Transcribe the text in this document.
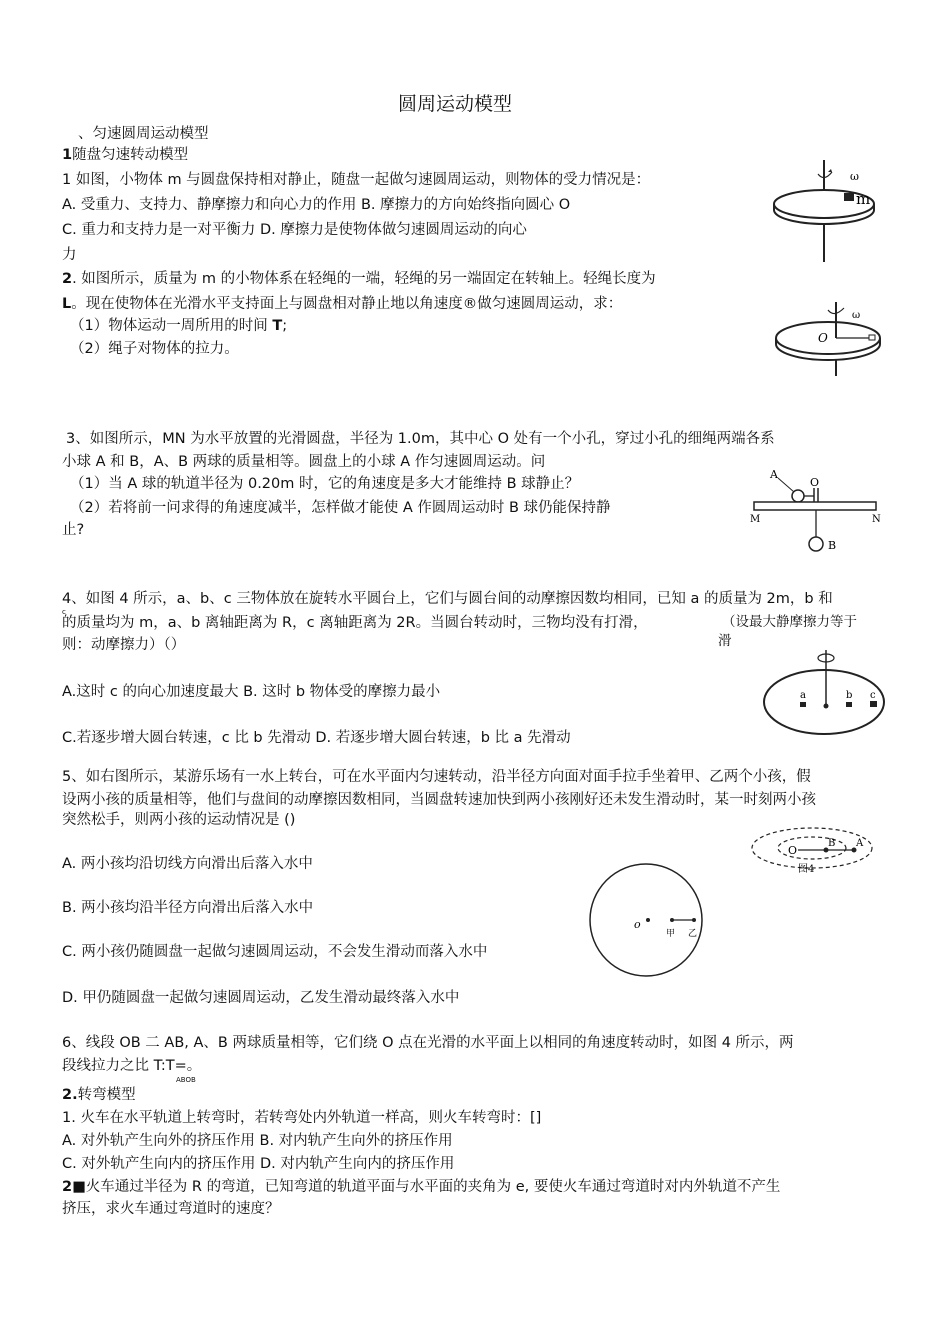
圆周运动模型
、匀速圆周运动模型
1随盘匀速转动模型
1 如图，小物体 m 与圆盘保持相对静止，随盘一起做匀速圆周运动，则物体的受力情况是：
A. 受重力、支持力、静摩擦力和向心力的作用 B. 摩擦力的方向始终指向圆心 O
C. 重力和支持力是一对平衡力 D. 摩擦力是使物体做匀速圆周运动的向心
力
ω
m
2. 如图所示，质量为 m 的小物体系在轻绳的一端，轻绳的另一端固定在转轴上。轻绳长度为
L。现在使物体在光滑水平支持面上与圆盘相对静止地以角速度®做匀速圆周运动，求：
（1）物体运动一周所用的时间 T;
（2）绳子对物体的拉力。
ω
O
3、如图所示，MN 为水平放置的光滑圆盘，半径为 1.0m，其中心 O 处有一个小孔，穿过小孔的细绳两端各系
小球 A 和 B，A、B 两球的质量相等。圆盘上的小球 A 作匀速圆周运动。问
（1）当 A 球的轨道半径为 0.20m 时，它的角速度是多大才能维持 B 球静止？
（2）若将前一问求得的角速度减半，怎样做才能使 A 作圆周运动时 B 球仍能保持静
止?
A
O
M	N
B
4、如图 4 所示，a、b、c 三物体放在旋转水平圆台上，它们与圆台间的动摩擦因数均相同，已知 a 的质量为 2m，b 和
c
的质量均为 m，a、b 离轴距离为 R，c 离轴距离为 2R。当圆台转动时，三物均没有打滑，	（设最大静摩擦力等于
则：动摩擦力）（）	滑
A.这时 c 的向心加速度最大 B. 这时 b 物体受的摩擦力最小
C.若逐步增大圆台转速，c 比 b 先滑动 D. 若逐步增大圆台转速，b 比 a 先滑动
a	b c
5、如右图所示，某游乐场有一水上转台，可在水平面内匀速转动，沿半径方向面对面手拉手坐着甲、乙两个小孩，假
设两小孩的质量相等，他们与盘间的动摩擦因数相同，当圆盘转速加快到两小孩刚好还未发生滑动时，某一时刻两小孩
突然松手，则两小孩的运动情况是 ()
A. 两小孩均沿切线方向滑出后落入水中
B. 两小孩均沿半径方向滑出后落入水中
C. 两小孩仍随圆盘一起做匀速圆周运动，不会发生滑动而落入水中
D. 甲仍随圆盘一起做匀速圆周运动，乙发生滑动最终落入水中
O
B A
图4
o
甲 乙
6、线段 OB 二 AB, A、B 两球质量相等，它们绕 O 点在光滑的水平面上以相同的角速度转动时，如图 4 所示，两
段线拉力之比 T:T=。
ABOB
2.转弯模型
1. 火车在水平轨道上转弯时，若转弯处内外轨道一样高，则火车转弯时：[]
A. 对外轨产生向外的挤压作用 B. 对内轨产生向外的挤压作用
C. 对外轨产生向内的挤压作用 D. 对内轨产生向内的挤压作用
2■火车通过半径为 R 的弯道，已知弯道的轨道平面与水平面的夹角为 e, 要使火车通过弯道时对内外轨道不产生
挤压，求火车通过弯道时的速度？
